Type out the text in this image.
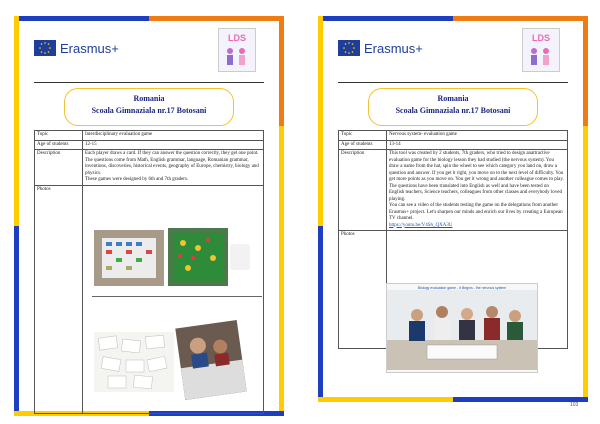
Erasmus+
LDS
Romania
Scoala Gimnaziala nr.17 Botosani
Topic	Interdisciplinary evaluation game
Age of students	12-15
Description	Each player draws a card. If they can answer the question correctly, they get one point. The questions come from Math, English grammar, language, Romanian grammar, inventions, discoveries, historical events, geography of Europe, chemistry, biology and physics.
These games were designed by 6th and 7th graders.
Photos	
Erasmus+
LDS
Romania
Scoala Gimnaziala nr.17 Botosani
Topic	Nervous system- evaluation game
Age of students	13-14
Description	This tool was created by 2 students, 7th graders, who tried to design anattractive evaluation game for the biology lesson they had studied (the nervous system). You draw a name from the hat, spin the wheel to see which category you land on, draw a question and answer. If you get it right, you move on to the next level of difficulty. You get more points as you move on. You get it wrong and another colleague comes to play.
The questions have been translated into English as well and have been tested on English teachers, Science teachers, colleagues from other classes and everybody loved playing.
You can see a video of the students testing the game on the delegations from another Erasmus+ project. Let's sharpen our minds and enrich our lives by creating a European TV channel.
https://youtu.be/V4Sh_QXA3U
Photos	
Biology evaluation game - It Begins - the nervous system
103
